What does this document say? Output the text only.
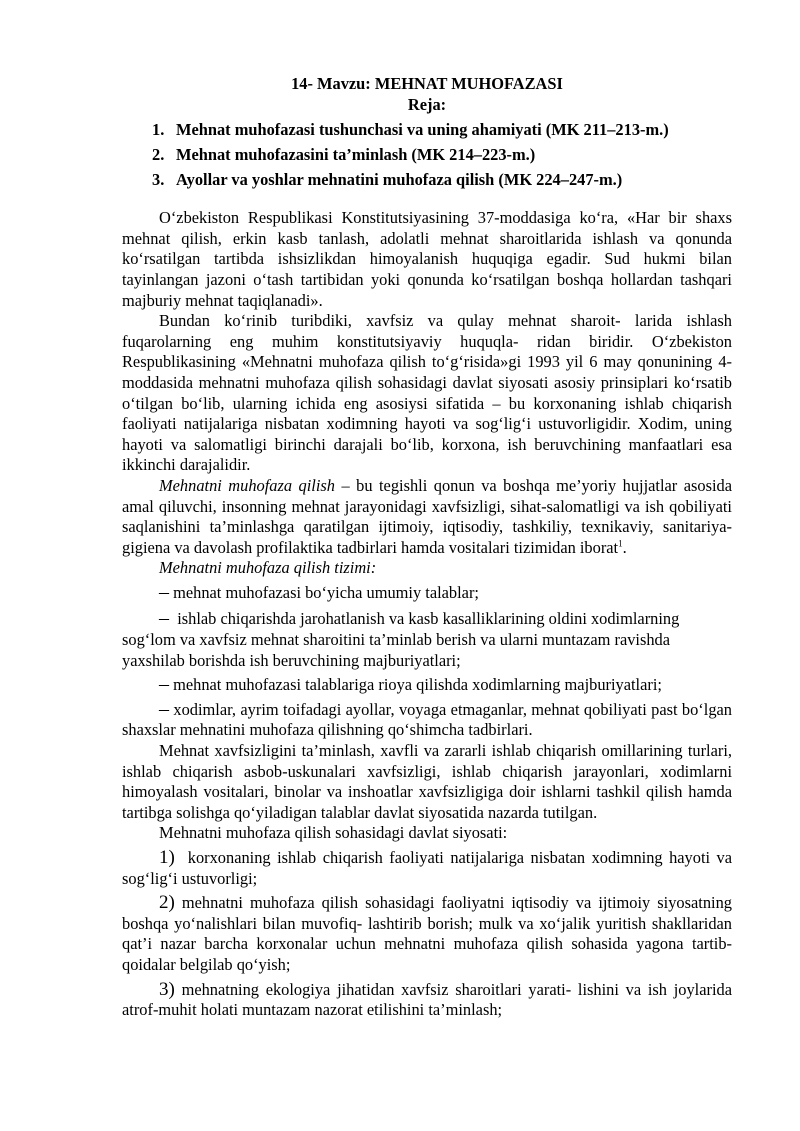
14- Mavzu: MEHNAT MUHOFAZASI

Reja:

1. Mehnat muhofazasi tushunchasi va uning ahamiyati (MK 211–213-m.)
2. Mehnat muhofazasini ta’minlash (MK 214–223-m.)
3. Ayollar va yoshlar mehnatini muhofaza qilish (MK 224–247-m.)

O‘zbekiston Respublikasi Konstitutsiyasining 37-moddasiga ko‘ra, «Har bir shaxs mehnat qilish, erkin kasb tanlash, adolatli mehnat sharoitlarida ishlash va qonunda ko‘rsatilgan tartibda ishsizlikdan himoyalanish huquqiga egadir. Sud hukmi bilan tayinlangan jazoni o‘tash tartibidan yoki qonunda ko‘rsatilgan boshqa hollardan tashqari majburiy mehnat taqiqlanadi».

Bundan ko‘rinib turibdiki, xavfsiz va qulay mehnat sharoit- larida ishlash fuqarolarning eng muhim konstitutsiyaviy huquqla- ridan biridir. O‘zbekiston Respublikasining «Mehnatni muhofaza qilish to‘g‘risida»gi 1993 yil 6 may qonunining 4-moddasida mehnatni muhofaza qilish sohasidagi davlat siyosati asosiy prinsiplari ko‘rsatib o‘tilgan bo‘lib, ularning ichida eng asosiysi sifatida – bu korxonaning ishlab chiqarish faoliyati natijalariga nisbatan xodimning hayoti va sog‘lig‘i ustuvorligidir. Xodim, uning hayoti va salomatligi birinchi darajali bo‘lib, korxona, ish beruvchining manfaatlari esa ikkinchi darajalidir.

Mehnatni muhofaza qilish – bu tegishli qonun va boshqa me’yoriy hujjatlar asosida amal qiluvchi, insonning mehnat jarayonidagi xavfsizligi, sihat-salomatligi va ish qobiliyati saqlanishini ta’minlashga qaratilgan ijtimoiy, iqtisodiy, tashkiliy, texnikaviy, sanitariya-gigiena va davolash profilaktika tadbirlari hamda vositalari tizimidan iborat$^1$.

Mehnatni muhofaza qilish tizimi:

– mehnat muhofazasi bo‘yicha umumiy talablar;

– ishlab chiqarishda jarohatlanish va kasb kasalliklarining oldini xodimlarning sog‘lom va xavfsiz mehnat sharoitini ta’minlab berish va ularni muntazam ravishda yaxshilab borishda ish beruvchining majburiyatlari;

– mehnat muhofazasi talablariga rioya qilishda xodimlarning majburiyatlari;

– xodimlar, ayrim toifadagi ayollar, voyaga etmaganlar, mehnat qobiliyati past bo‘lgan shaxslar mehnatini muhofaza qilishning qo‘shimcha tadbirlari.

Mehnat xavfsizligini ta’minlash, xavfli va zararli ishlab chiqarish omillarining turlari, ishlab chiqarish asbob-uskunalari xavfsizligi, ishlab chiqarish jarayonlari, xodimlarni himoyalash vositalari, binolar va inshoatlar xavfsizligiga doir ishlarni tashkil qilish hamda tartibga solishga qo‘yiladigan talablar davlat siyosatida nazarda tutilgan.

Mehnatni muhofaza qilish sohasidagi davlat siyosati:

1) korxonaning ishlab chiqarish faoliyati natijalariga nisbatan xodimning hayoti va sog‘lig‘i ustuvorligi;

2) mehnatni muhofaza qilish sohasidagi faoliyatni iqtisodiy va ijtimoiy siyosatning boshqa yo‘nalishlari bilan muvofiq- lashtirib borish; mulk va xo‘jalik yuritish shakllaridan qat’i nazar barcha korxonalar uchun mehnatni muhofaza qilish sohasida yagona tartib-qoidalar belgilab qo‘yish;

3) mehnatning ekologiya jihatidan xavfsiz sharoitlari yarati- lishini va ish joylarida atrof-muhit holati muntazam nazorat etilishini ta’minlash;
